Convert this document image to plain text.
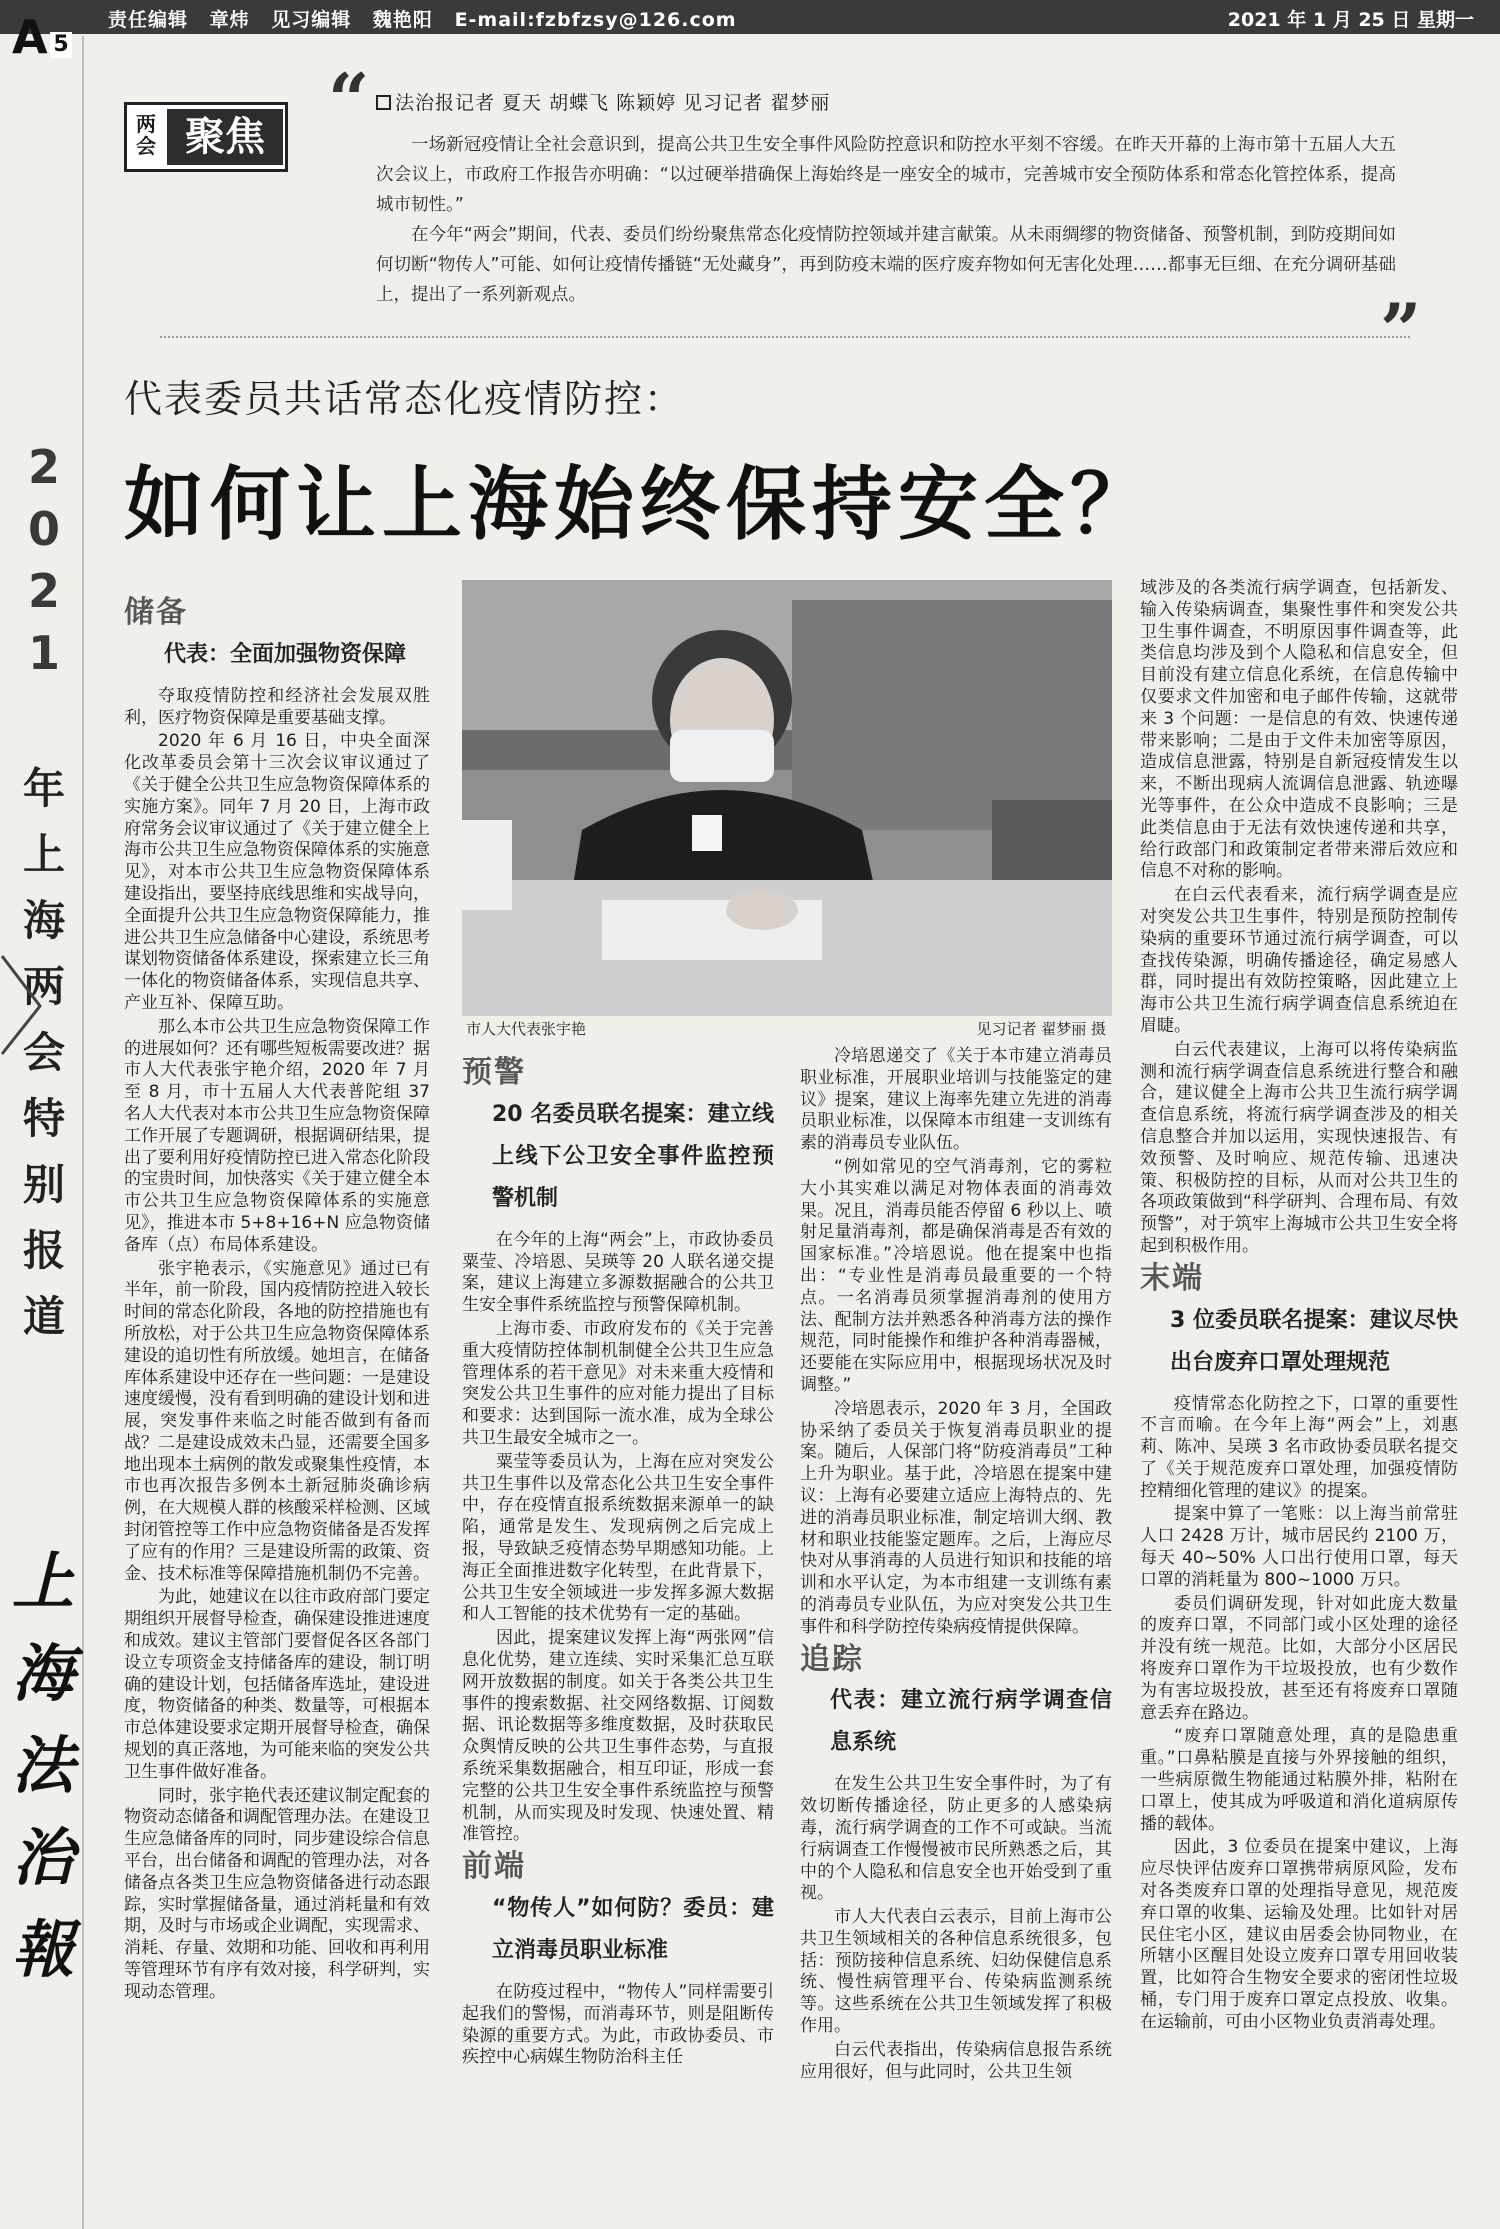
责任编辑 章炜 见习编辑 魏艳阳 E-mail:fzbfzsy@126.com	2021 年 1 月 25 日 星期一
A 5
2
0
2
1
年
上
海
两
会
特
别
报
道
上
海
法
治
報
两会 聚焦 “
”
法治报记者 夏天 胡蝶飞 陈颖婷 见习记者 翟梦丽

一场新冠疫情让全社会意识到，提高公共卫生安全事件风险防控意识和防控水平刻不容缓。在昨天开幕的上海市第十五届人大五次会议上，市政府工作报告亦明确：“以过硬举措确保上海始终是一座安全的城市，完善城市安全预防体系和常态化管控体系，提高城市韧性。”

在今年“两会”期间，代表、委员们纷纷聚焦常态化疫情防控领域并建言献策。从未雨绸缪的物资储备、预警机制，到防疫期间如何切断“物传人”可能、如何让疫情传播链“无处藏身”，再到防疫末端的医疗废弃物如何无害化处理……都事无巨细、在充分调研基础上，提出了一系列新观点。

代表委员共话常态化疫情防控：
如何让上海始终保持安全？
市人大代表张宇艳	见习记者 翟梦丽 摄
储备
代表：全面加强物资保障

夺取疫情防控和经济社会发展双胜利，医疗物资保障是重要基础支撑。

2020 年 6 月 16 日，中央全面深化改革委员会第十三次会议审议通过了《关于健全公共卫生应急物资保障体系的实施方案》。同年 7 月 20 日，上海市政府常务会议审议通过了《关于建立健全上海市公共卫生应急物资保障体系的实施意见》，对本市公共卫生应急物资保障体系建设指出，要坚持底线思维和实战导向，全面提升公共卫生应急物资保障能力，推进公共卫生应急储备中心建设，系统思考谋划物资储备体系建设，探索建立长三角一体化的物资储备体系，实现信息共享、产业互补、保障互助。

那么本市公共卫生应急物资保障工作的进展如何？还有哪些短板需要改进？据市人大代表张宇艳介绍，2020 年 7 月至 8 月，市十五届人大代表普陀组 37 名人大代表对本市公共卫生应急物资保障工作开展了专题调研，根据调研结果，提出了要利用好疫情防控已进入常态化阶段的宝贵时间，加快落实《关于建立健全本市公共卫生应急物资保障体系的实施意见》，推进本市 5+8+16+N 应急物资储备库（点）布局体系建设。

张宇艳表示，《实施意见》通过已有半年，前一阶段，国内疫情防控进入较长时间的常态化阶段，各地的防控措施也有所放松，对于公共卫生应急物资保障体系建设的追切性有所放缓。她坦言，在储备库体系建设中还存在一些问题：一是建设速度缓慢，没有看到明确的建设计划和进展，突发事件来临之时能否做到有备而战？二是建设成效未凸显，还需要全国多地出现本土病例的散发或聚集性疫情，本市也再次报告多例本土新冠肺炎确诊病例，在大规模人群的核酸采样检测、区域封闭管控等工作中应急物资储备是否发挥了应有的作用？三是建设所需的政策、资金、技术标准等保障措施机制仍不完善。

为此，她建议在以往市政府部门要定期组织开展督导检查，确保建设推进速度和成效。建议主管部门要督促各区各部门设立专项资金支持储备库的建设，制订明确的建设计划，包括储备库选址，建设进度，物资储备的种类、数量等，可根据本市总体建设要求定期开展督导检查，确保规划的真正落地，为可能来临的突发公共卫生事件做好准备。

同时，张宇艳代表还建议制定配套的物资动态储备和调配管理办法。在建设卫生应急储备库的同时，同步建设综合信息平台，出台储备和调配的管理办法，对各储备点各类卫生应急物资储备进行动态跟踪，实时掌握储备量，通过消耗量和有效期，及时与市场或企业调配，实现需求、消耗、存量、效期和功能、回收和再利用等管理环节有序有效对接，科学研判，实现动态管理。

预警
20 名委员联名提案：建立线上线下公卫安全事件监控预警机制

在今年的上海“两会”上，市政协委员粟莹、冷培恩、吴瑛等 20 人联名递交提案，建议上海建立多源数据融合的公共卫生安全事件系统监控与预警保障机制。

上海市委、市政府发布的《关于完善重大疫情防控体制机制健全公共卫生应急管理体系的若干意见》对未来重大疫情和突发公共卫生事件的应对能力提出了目标和要求：达到国际一流水准，成为全球公共卫生最安全城市之一。

粟莹等委员认为，上海在应对突发公共卫生事件以及常态化公共卫生安全事件中，存在疫情直报系统数据来源单一的缺陷，通常是发生、发现病例之后完成上报，导致缺乏疫情态势早期感知功能。上海正全面推进数字化转型，在此背景下，公共卫生安全领域进一步发挥多源大数据和人工智能的技术优势有一定的基础。

因此，提案建议发挥上海“两张网”信息化优势，建立连续、实时采集汇总互联网开放数据的制度。如关于各类公共卫生事件的搜索数据、社交网络数据、订阅数据、讯论数据等多维度数据，及时获取民众舆情反映的公共卫生事件态势，与直报系统采集数据融合，相互印证，形成一套完整的公共卫生安全事件系统监控与预警机制，从而实现及时发现、快速处置、精准管控。

前端
“物传人”如何防？委员：建立消毒员职业标准

在防疫过程中，“物传人”同样需要引起我们的警惕，而消毒环节，则是阻断传染源的重要方式。为此，市政协委员、市疾控中心病媒生物防治科主任

冷培恩递交了《关于本市建立消毒员职业标准，开展职业培训与技能鉴定的建议》提案，建议上海率先建立先进的消毒员职业标准，以保障本市组建一支训练有素的消毒员专业队伍。

“例如常见的空气消毒剂，它的雾粒大小其实难以满足对物体表面的消毒效果。况且，消毒员能否停留 6 秒以上、喷射足量消毒剂，都是确保消毒是否有效的国家标准。”冷培恩说。他在提案中也指出：“专业性是消毒员最重要的一个特点。一名消毒员须掌握消毒剂的使用方法、配制方法并熟悉各种消毒方法的操作规范，同时能操作和维护各种消毒器械，还要能在实际应用中，根据现场状况及时调整。”

冷培恩表示，2020 年 3 月，全国政协采纳了委员关于恢复消毒员职业的提案。随后，人保部门将“防疫消毒员”工种上升为职业。基于此，冷培恩在提案中建议：上海有必要建立适应上海特点的、先进的消毒员职业标准，制定培训大纲、教材和职业技能鉴定题库。之后，上海应尽快对从事消毒的人员进行知识和技能的培训和水平认定，为本市组建一支训练有素的消毒员专业队伍，为应对突发公共卫生事件和科学防控传染病疫情提供保障。

追踪
代表：建立流行病学调查信息系统

在发生公共卫生安全事件时，为了有效切断传播途径，防止更多的人感染病毒，流行病学调查的工作不可或缺。当流行病调查工作慢慢被市民所熟悉之后，其中的个人隐私和信息安全也开始受到了重视。

市人大代表白云表示，目前上海市公共卫生领域相关的各种信息系统很多，包括：预防接种信息系统、妇幼保健信息系统、慢性病管理平台、传染病监测系统等。这些系统在公共卫生领域发挥了积极作用。

白云代表指出，传染病信息报告系统应用很好，但与此同时，公共卫生领

域涉及的各类流行病学调查，包括新发、输入传染病调查，集聚性事件和突发公共卫生事件调查，不明原因事件调查等，此类信息均涉及到个人隐私和信息安全，但目前没有建立信息化系统，在信息传输中仅要求文件加密和电子邮件传输，这就带来 3 个问题：一是信息的有效、快速传递带来影响；二是由于文件未加密等原因，造成信息泄露，特别是自新冠疫情发生以来，不断出现病人流调信息泄露、轨迹曝光等事件，在公众中造成不良影响；三是此类信息由于无法有效快速传递和共享，给行政部门和政策制定者带来滞后效应和信息不对称的影响。

在白云代表看来，流行病学调查是应对突发公共卫生事件，特别是预防控制传染病的重要环节通过流行病学调查，可以查找传染源，明确传播途径，确定易感人群，同时提出有效防控策略，因此建立上海市公共卫生流行病学调查信息系统迫在眉睫。

白云代表建议，上海可以将传染病监测和流行病学调查信息系统进行整合和融合，建议健全上海市公共卫生流行病学调查信息系统，将流行病学调查涉及的相关信息整合并加以运用，实现快速报告、有效预警、及时响应、规范传输、迅速决策、积极防控的目标，从而对公共卫生的各项政策做到“科学研判、合理布局、有效预警”，对于筑牢上海城市公共卫生安全将起到积极作用。

末端
3 位委员联名提案：建议尽快出台废弃口罩处理规范

疫情常态化防控之下，口罩的重要性不言而喻。在今年上海“两会”上，刘惠莉、陈冲、吴瑛 3 名市政协委员联名提交了《关于规范废弃口罩处理，加强疫情防控精细化管理的建议》的提案。

提案中算了一笔账：以上海当前常驻人口 2428 万计，城市居民约 2100 万，每天 40~50% 人口出行使用口罩，每天口罩的消耗量为 800~1000 万只。

委员们调研发现，针对如此庞大数量的废弃口罩，不同部门或小区处理的途径并没有统一规范。比如，大部分小区居民将废弃口罩作为干垃圾投放，也有少数作为有害垃圾投放，甚至还有将废弃口罩随意丢弃在路边。

“废弃口罩随意处理，真的是隐患重重。”口鼻粘膜是直接与外界接触的组织，一些病原微生物能通过粘膜外排，粘附在口罩上，使其成为呼吸道和消化道病原传播的载体。

因此，3 位委员在提案中建议，上海应尽快评估废弃口罩携带病原风险，发布对各类废弃口罩的处理指导意见，规范废弃口罩的收集、运输及处理。比如针对居民住宅小区，建议由居委会协同物业，在所辖小区醒目处设立废弃口罩专用回收装置，比如符合生物安全要求的密闭性垃圾桶，专门用于废弃口罩定点投放、收集。在运输前，可由小区物业负责消毒处理。
